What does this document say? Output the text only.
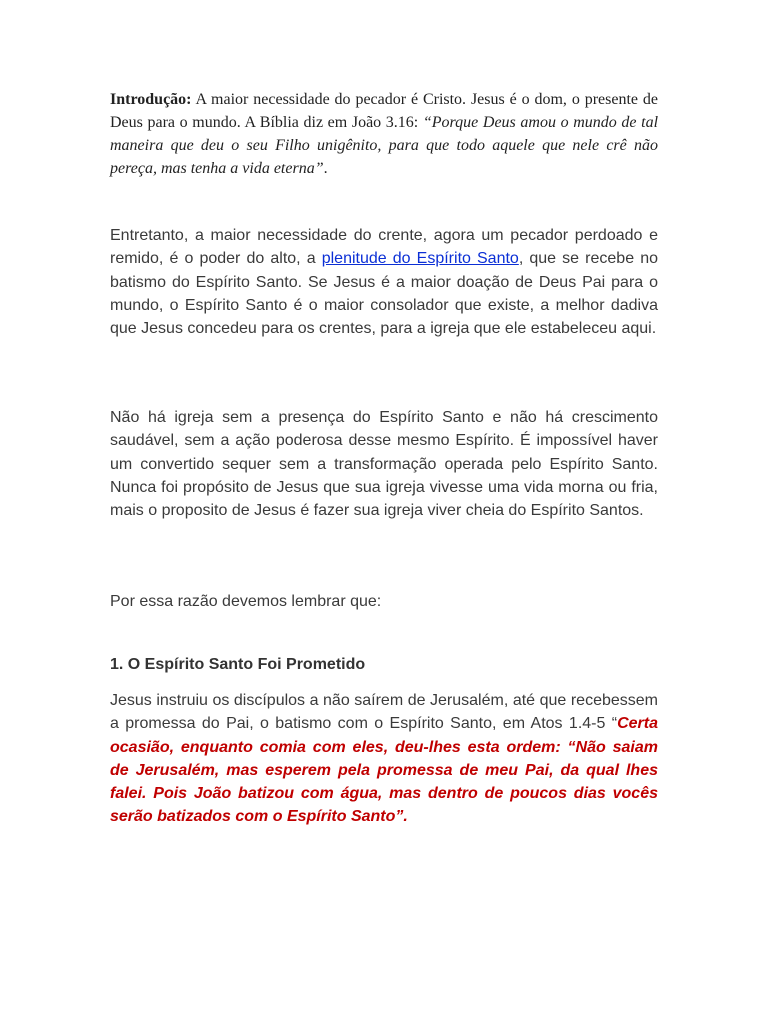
Introdução: A maior necessidade do pecador é Cristo. Jesus é o dom, o presente de Deus para o mundo. A Bíblia diz em João 3.16: “Porque Deus amou o mundo de tal maneira que deu o seu Filho unigênito, para que todo aquele que nele crê não pereça, mas tenha a vida eterna”.

Entretanto, a maior necessidade do crente, agora um pecador perdoado e remido, é o poder do alto, a plenitude do Espírito Santo, que se recebe no batismo do Espírito Santo. Se Jesus é a maior doação de Deus Pai para o mundo, o Espírito Santo é o maior consolador que existe, a melhor dadiva que Jesus concedeu para os crentes, para a igreja que ele estabeleceu aqui.

Não há igreja sem a presença do Espírito Santo e não há crescimento saudável, sem a ação poderosa desse mesmo Espírito. É impossível haver um convertido sequer sem a transformação operada pelo Espírito Santo. Nunca foi propósito de Jesus que sua igreja vivesse uma vida morna ou fria, mais o proposito de Jesus é fazer sua igreja viver cheia do Espírito Santos.

Por essa razão devemos lembrar que:

1. O Espírito Santo Foi Prometido

Jesus instruiu os discípulos a não saírem de Jerusalém, até que recebessem a promessa do Pai, o batismo com o Espírito Santo, em Atos 1.4-5 “Certa ocasião, enquanto comia com eles, deu-lhes esta ordem: “Não saiam de Jerusalém, mas esperem pela promessa de meu Pai, da qual lhes falei. Pois João batizou com água, mas dentro de poucos dias vocês serão batizados com o Espírito Santo”.
